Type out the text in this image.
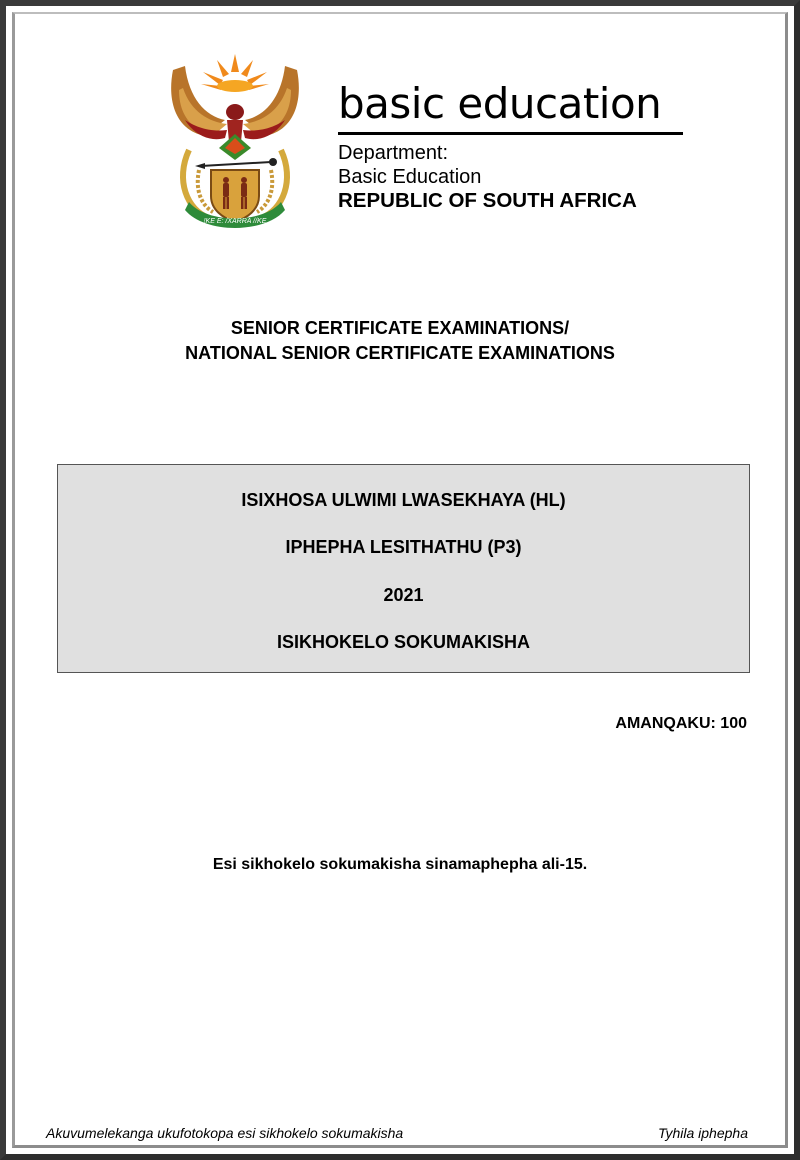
!KE E: /XARRA //KE

basic education

Department:

Basic Education

REPUBLIC OF SOUTH AFRICA

SENIOR CERTIFICATE EXAMINATIONS/
NATIONAL SENIOR CERTIFICATE EXAMINATIONS
ISIXHOSA ULWIMI LWASEKHAYA (HL)
IPHEPHA LESITHATHU (P3)
2021
ISIKHOKELO SOKUMAKISHA
AMANQAKU: 100
Esi sikhokelo sokumakisha sinamaphepha ali-15.
Akuvumelekanga ukufotokopa esi sikhokelo sokumakisha	Tyhila iphepha
